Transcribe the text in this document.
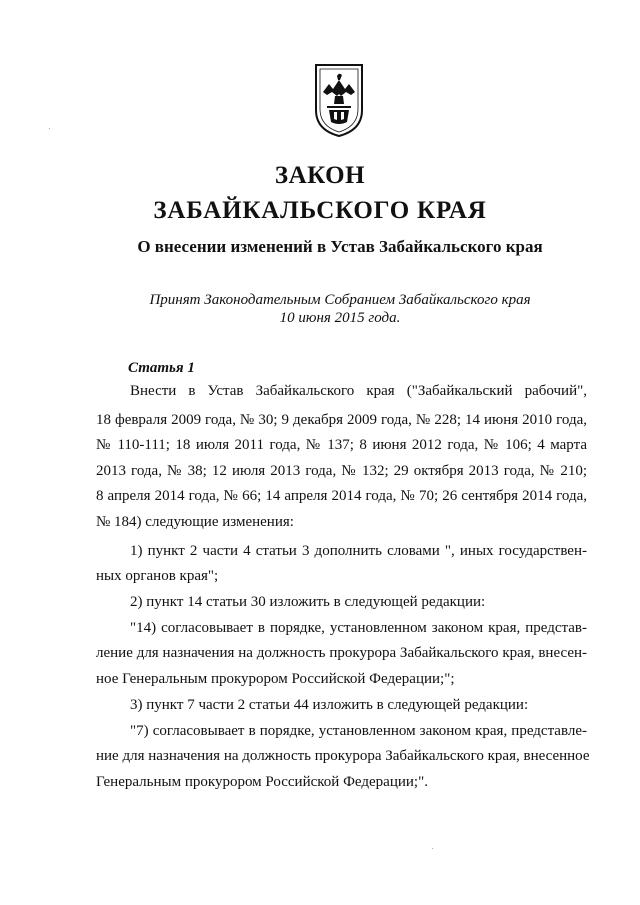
ЗАКОН
ЗАБАЙКАЛЬСКОГО КРАЯ
О внесении изменений в Устав Забайкальского края
Принят Законодательным Собранием Забайкальского края
10 июня 2015 года.
Статья 1
Внести в Устав Забайкальского края ("Забайкальский рабочий",
18 февраля 2009 года, № 30; 9 декабря 2009 года, № 228; 14 июня 2010 года,
№ 110-111; 18 июля 2011 года, № 137; 8 июня 2012 года, № 106; 4 марта
2013 года, № 38; 12 июля 2013 года, № 132; 29 октября 2013 года, № 210;
8 апреля 2014 года, № 66; 14 апреля 2014 года, № 70; 26 сентября 2014 года,
№ 184) следующие изменения:
1) пункт 2 части 4 статьи 3 дополнить словами ", иных государствен-
ных органов края";
2) пункт 14 статьи 30 изложить в следующей редакции:
"14) согласовывает в порядке, установленном законом края, представ-
ление для назначения на должность прокурора Забайкальского края, внесен-
ное Генеральным прокурором Российской Федерации;";
3) пункт 7 части 2 статьи 44 изложить в следующей редакции:
"7) согласовывает в порядке, установленном законом края, представле-
ние для назначения на должность прокурора Забайкальского края, внесенное
Генеральным прокурором Российской Федерации;".
